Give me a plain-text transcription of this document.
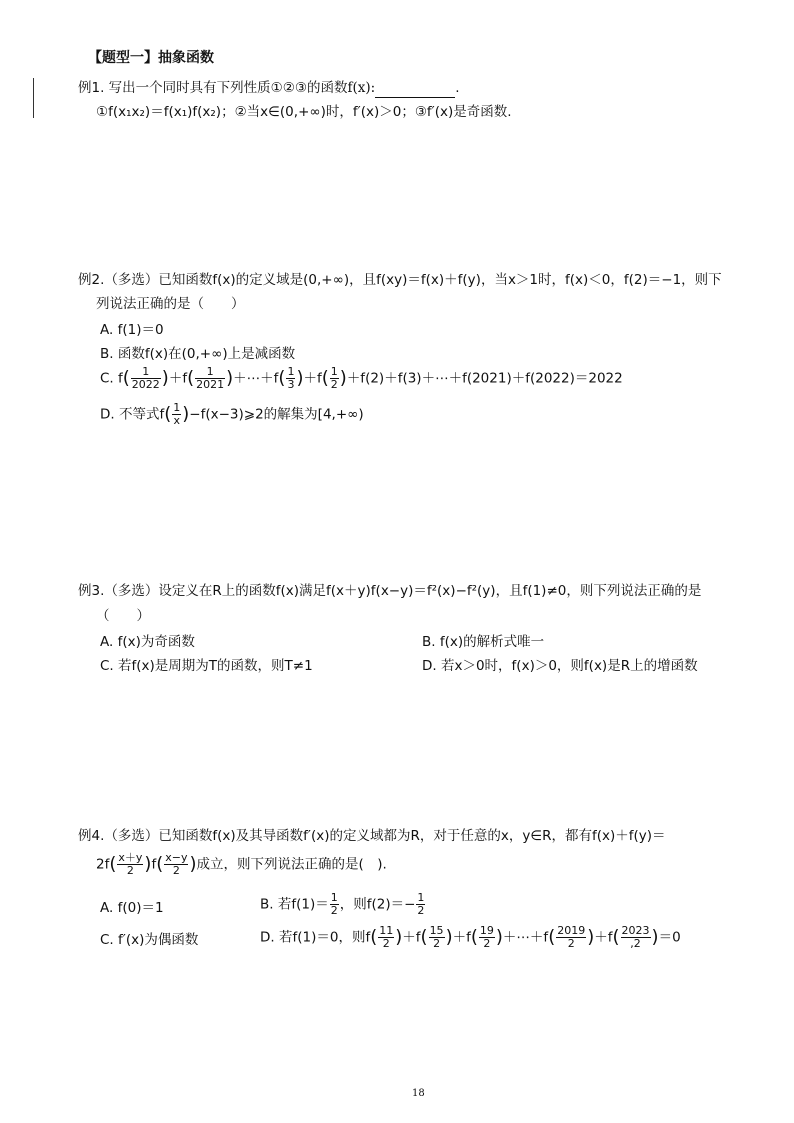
【题型一】抽象函数
例1. 写出一个同时具有下列性质①②③的函数f(x):	.
①f(x₁x₂)＝f(x₁)f(x₂)；②当x∈(0,+∞)时，f′(x)＞0；③f′(x)是奇函数.
例2.（多选）已知函数f(x)的定义域是(0,+∞)，且f(xy)＝f(x)＋f(y)，当x＞1时，f(x)＜0，f(2)＝−1，则下
列说法正确的是（　　）
A. f(1)＝0
B. 函数f(x)在(0,+∞)上是减函数
C. $f( \frac{1}{2022} )+f( \frac{1}{2021}$ )＋⋯＋f( $\frac{1}{3} )+f( \frac{1}{2}$ )＋f(2)＋f(3)＋⋯＋f(2021)＋f(2022)＝2022
D. 不等式$f( \frac{1}{x}$ )−f(x−3)⩾2的解集为[4,+∞)
例3.（多选）设定义在R上的函数f(x)满足f(x＋y)f(x−y)＝f²(x)−f²(y)，且f(1)≠0，则下列说法正确的是
（　　）
A. f(x)为奇函数	B. f(x)的解析式唯一
C. 若f(x)是周期为T的函数，则T≠1	D. 若x＞0时，f(x)＞0，则f(x)是R上的增函数
例4.（多选）已知函数f(x)及其导函数f′(x)的定义域都为R，对于任意的x，y∈R，都有f(x)＋f(y)＝
$2f( \frac{x+y}{2} )f( \frac{x-y}{2}$ )成立，则下列说法正确的是(　).
A. f(0)＝1	B. 若$f(1)= \frac{1}{2}$ ，则$f(2)=- \frac{1}{2}$
C. f′(x)为偶函数	D. 若f(1)＝0，则$f( \frac{11}{2} )+f( \frac{15}{2} )+f( \frac{19}{2}$ )＋⋯＋f( $\frac{2019}{2} )+f( \frac{2023}{,2} )=0$
18
